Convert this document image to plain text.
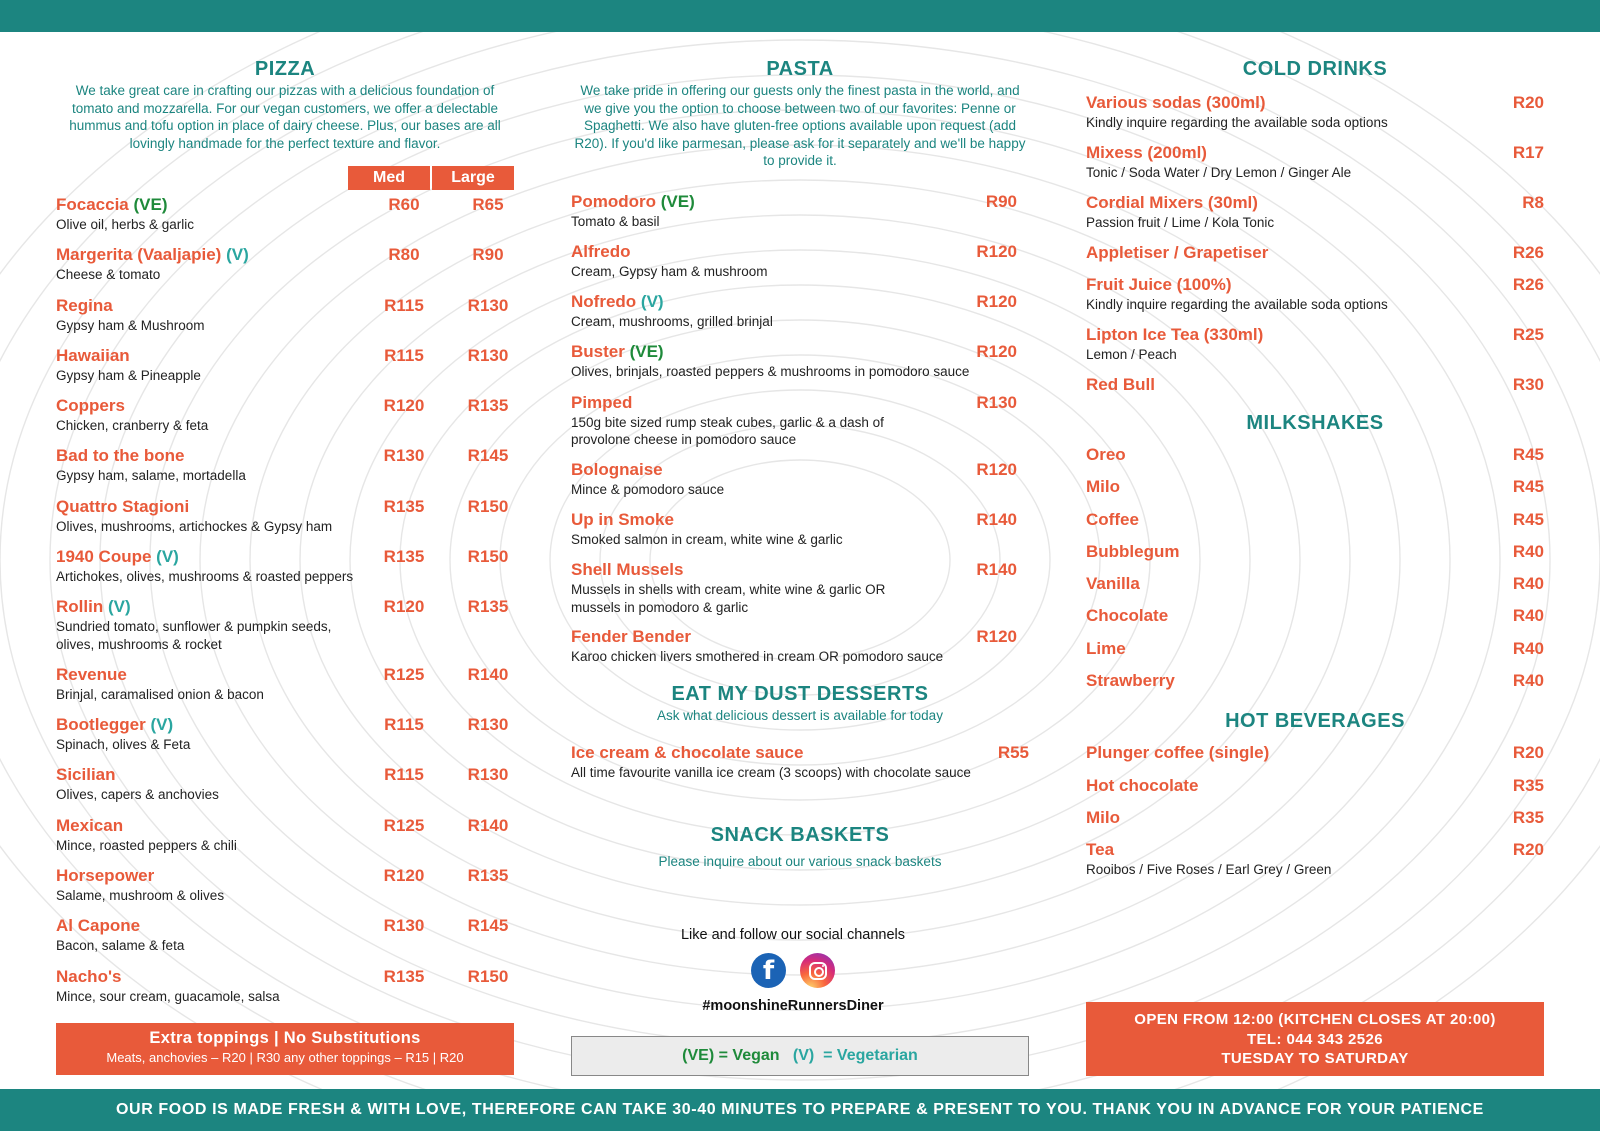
PIZZA

We take great care in crafting our pizzas with a delicious foundation of tomato and mozzarella. For our vegan customers, we offer a delectable hummus and tofu option in place of dairy cheese. Plus, our bases are all lovingly handmade for the perfect texture and flavor.

Med	Large
Focaccia (VE)
Olive oil, herbs & garlic
R60	R65
Margerita (Vaaljapie) (V)
Cheese & tomato
R80	R90
Regina
Gypsy ham & Mushroom
R115	R130
Hawaiian
Gypsy ham & Pineapple
R115	R130
Coppers
Chicken, cranberry & feta
R120	R135
Bad to the bone
Gypsy ham, salame, mortadella
R130	R145
Quattro Stagioni
Olives, mushrooms, artichockes & Gypsy ham
R135	R150
1940 Coupe (V)
Artichokes, olives, mushrooms & roasted peppers
R135	R150
Rollin (V)
Sundried tomato, sunflower & pumpkin seeds, olives, mushrooms & rocket
R120	R135
Revenue
Brinjal, caramalised onion & bacon
R125	R140
Bootlegger (V)
Spinach, olives & Feta
R115	R130
Sicilian
Olives, capers & anchovies
R115	R130
Mexican
Mince, roasted peppers & chili
R125	R140
Horsepower
Salame, mushroom & olives
R120	R135
Al Capone
Bacon, salame & feta
R130	R145
Nacho's
Mince, sour cream, guacamole, salsa
R135	R150
Extra toppings | No Substitutions
Meats, anchovies – R20 | R30 any other toppings – R15 | R20
PASTA

We take pride in offering our guests only the finest pasta in the world, and we give you the option to choose between two of our favorites: Penne or Spaghetti. We also have gluten-free options available upon request (add R20). If you'd like parmesan, please ask for it separately and we'll be happy to provide it.

Pomodoro (VE)
Tomato & basil
R90
Alfredo
Cream, Gypsy ham & mushroom
R120
Nofredo (V)
Cream, mushrooms, grilled brinjal
R120
Buster (VE)
Olives, brinjals, roasted peppers & mushrooms in pomodoro sauce
R120
Pimped
150g bite sized rump steak cubes, garlic & a dash of provolone cheese in pomodoro sauce
R130
Bolognaise
Mince & pomodoro sauce
R120
Up in Smoke
Smoked salmon in cream, white wine & garlic
R140
Shell Mussels
Mussels in shells with cream, white wine & garlic OR mussels in pomodoro & garlic
R140
Fender Bender
Karoo chicken livers smothered in cream OR pomodoro sauce
R120
EAT MY DUST DESSERTS

Ask what delicious dessert is available for today

Ice cream & chocolate sauce
All time favourite vanilla ice cream (3 scoops) with chocolate sauce
R55
SNACK BASKETS

Please inquire about our various snack baskets

Like and follow our social channels
f
#moonshineRunnersDiner
(VE) = Vegan (V) = Vegetarian
COLD DRINKS
Various sodas (300ml)
Kindly inquire regarding the available soda options
R20
Mixess (200ml)
Tonic / Soda Water / Dry Lemon / Ginger Ale
R17
Cordial Mixers (30ml)
Passion fruit / Lime / Kola Tonic
R8
Appletiser / Grapetiser	R26
Fruit Juice (100%)
Kindly inquire regarding the available soda options
R26
Lipton Ice Tea (330ml)
Lemon / Peach
R25
Red Bull	R30
MILKSHAKES
Oreo	R45
Milo	R45
Coffee	R45
Bubblegum	R40
Vanilla	R40
Chocolate	R40
Lime	R40
Strawberry	R40
HOT BEVERAGES
Plunger coffee (single)	R20
Hot chocolate	R35
Milo	R35
Tea
Rooibos / Five Roses / Earl Grey / Green
R20
OPEN FROM 12:00 (KITCHEN CLOSES AT 20:00)
TEL: 044 343 2526
TUESDAY TO SATURDAY
OUR FOOD IS MADE FRESH & WITH LOVE, THEREFORE CAN TAKE 30-40 MINUTES TO PREPARE & PRESENT TO YOU. THANK YOU IN ADVANCE FOR YOUR PATIENCE
